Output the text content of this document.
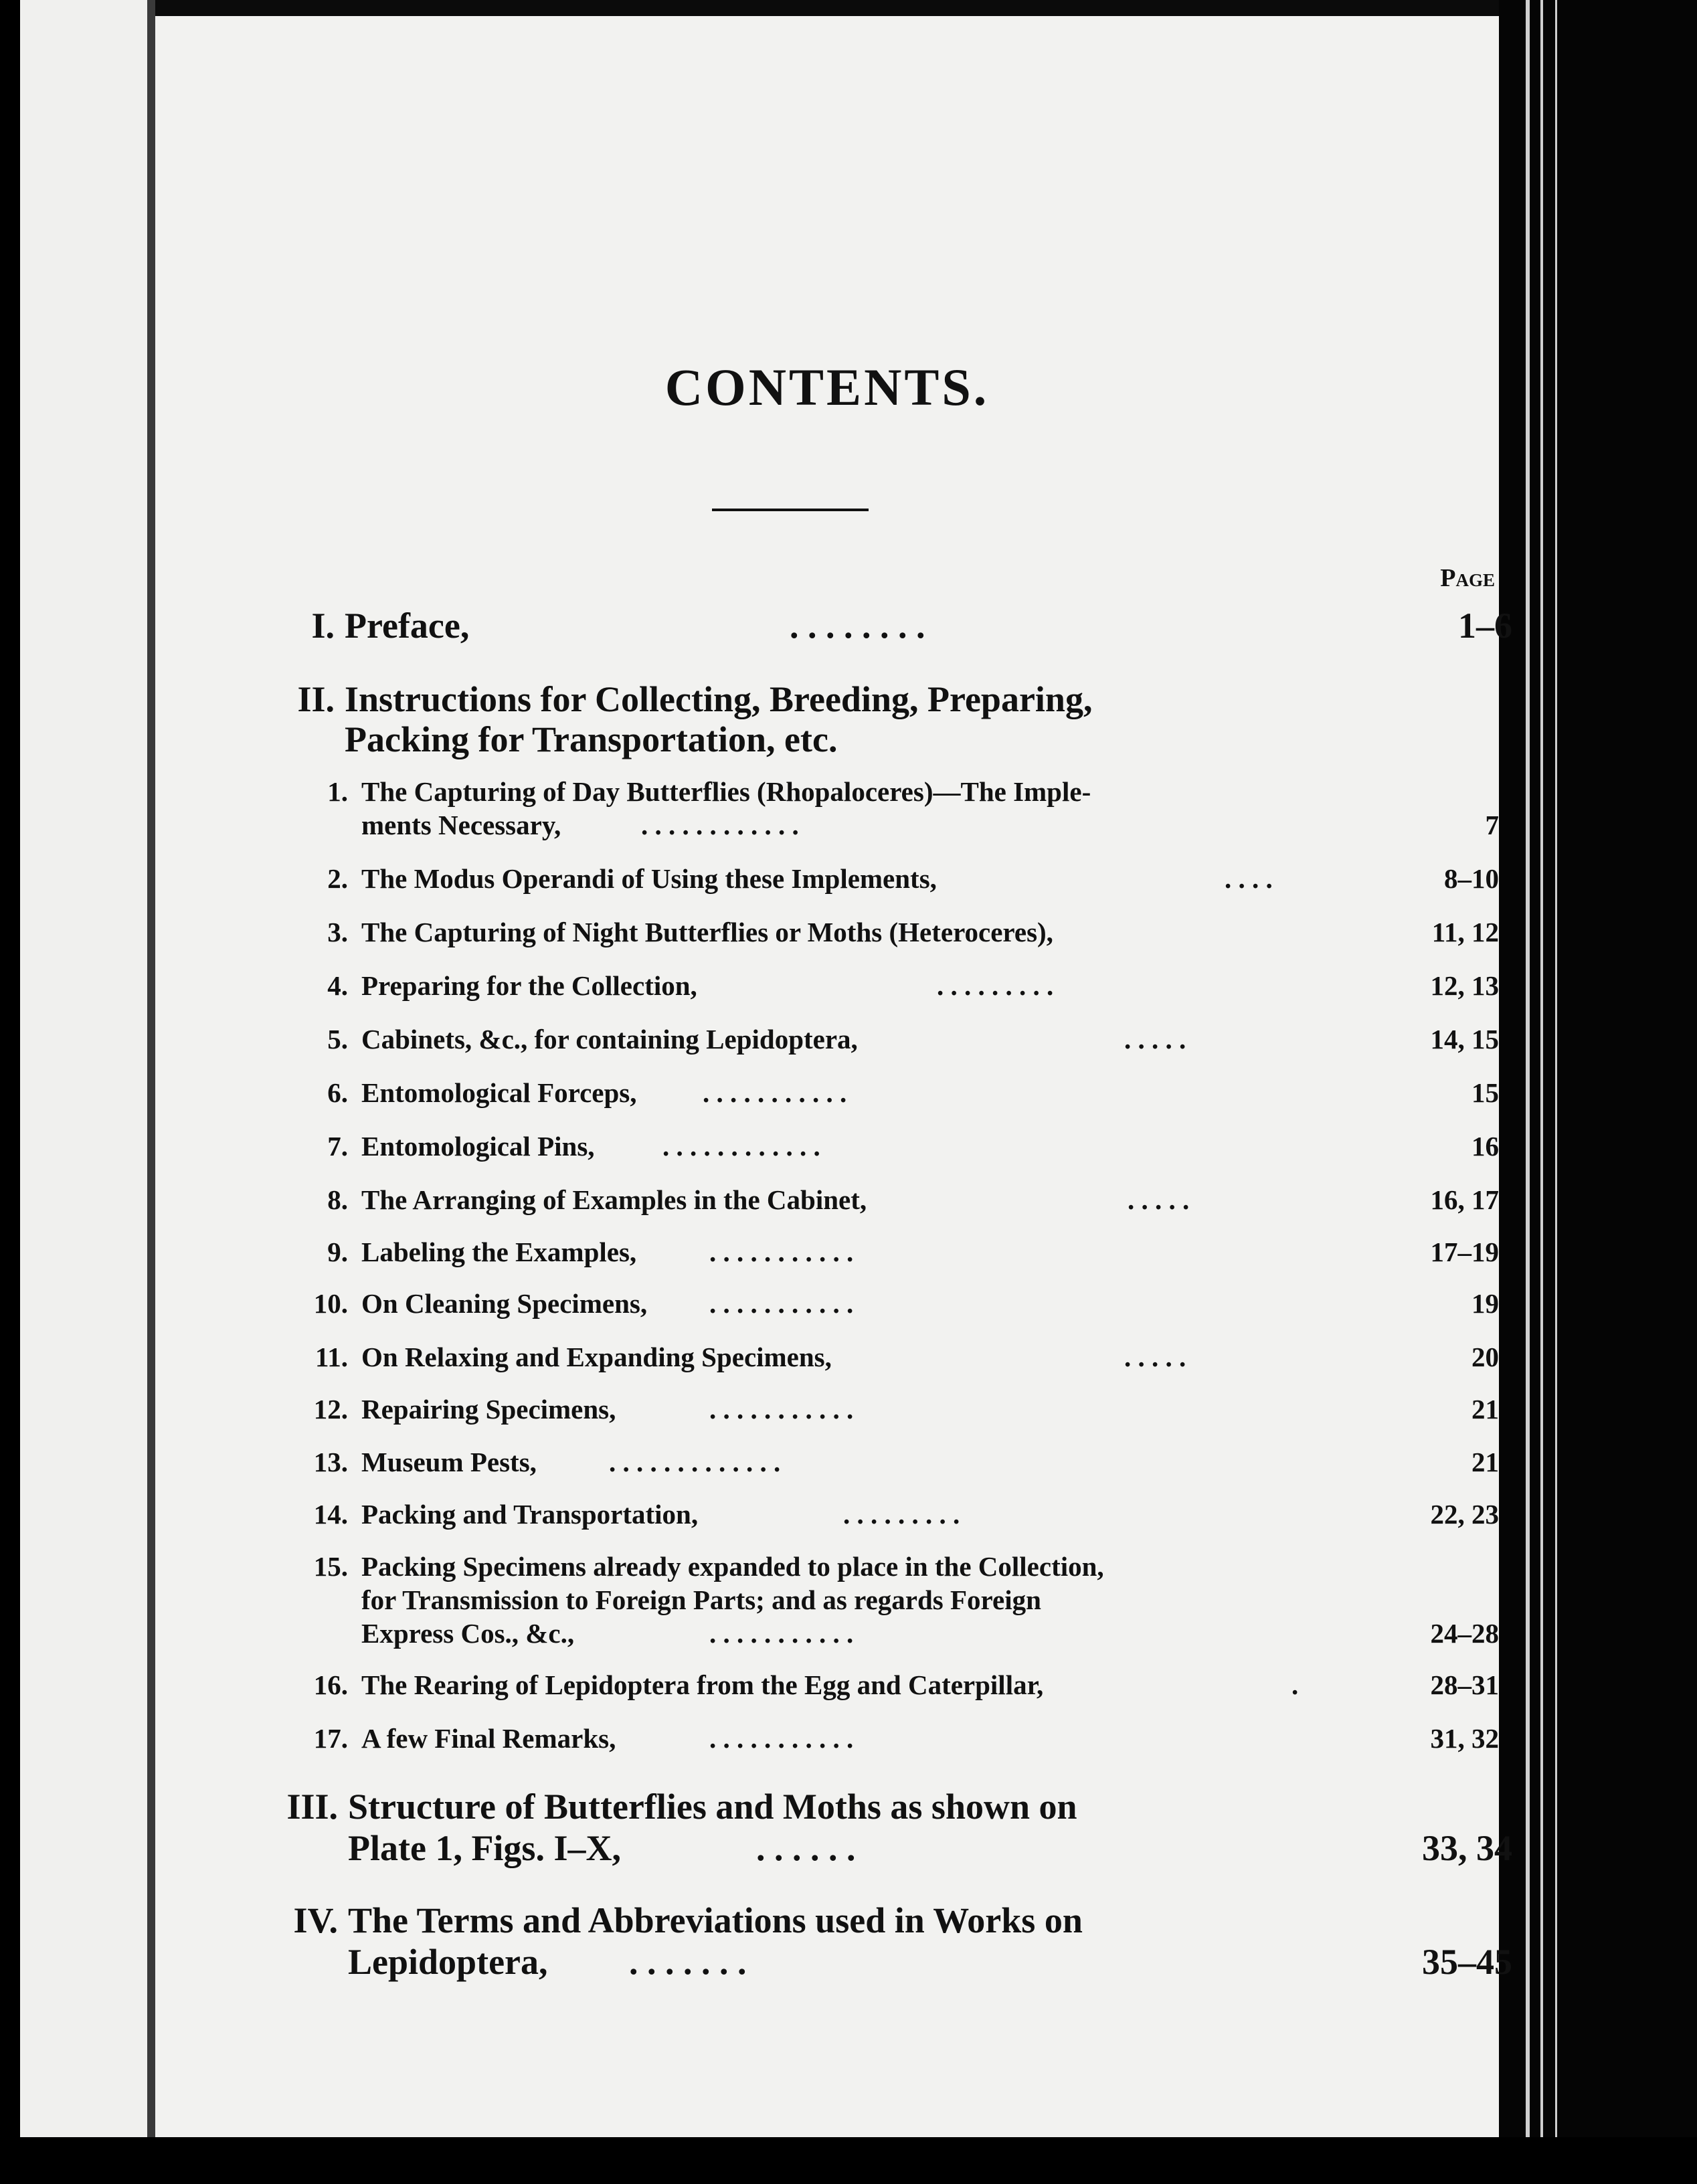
CONTENTS.
Page
I. Preface,	. . . . . . . .	1–6
II. Instructions for Collecting, Breeding, Preparing,
Packing for Transportation, etc.
1. The Capturing of Day Butterflies (Rhopaloceres)—The Imple-
ments Necessary,	. . . . . . . . . . . .	7
2. The Modus Operandi of Using these Implements,	. . . .	8–10
3. The Capturing of Night Butterflies or Moths (Heteroceres),	11, 12
4. Preparing for the Collection,	. . . . . . . . .	12, 13
5. Cabinets, &c., for containing Lepidoptera,	. . . . .	14, 15
6. Entomological Forceps, . . . . . . . . . . .	15
7. Entomological Pins, . . . . . . . . . . . .	16
8. The Arranging of Examples in the Cabinet,	. . . . .	16, 17
9. Labeling the Examples,	. . . . . . . . . . .	17–19
10. On Cleaning Specimens, . . . . . . . . . . .	19
11. On Relaxing and Expanding Specimens,	. . . . .	20
12. Repairing Specimens,	. . . . . . . . . . .	21
13. Museum Pests,	. . . . . . . . . . . . .	21
14. Packing and Transportation,	. . . . . . . . .	22, 23
15. Packing Specimens already expanded to place in the Collection,
for Transmission to Foreign Parts; and as regards Foreign
Express Cos., &c.,	. . . . . . . . . . .	24–28
16. The Rearing of Lepidoptera from the Egg and Caterpillar,	.	28–31
17. A few Final Remarks,	. . . . . . . . . . .	31, 32
III. Structure of Butterflies and Moths as shown on
Plate 1, Figs. I–X,	. . . . . .	33, 34
IV. The Terms and Abbreviations used in Works on
Lepidoptera, . . . . . . .	35–45
